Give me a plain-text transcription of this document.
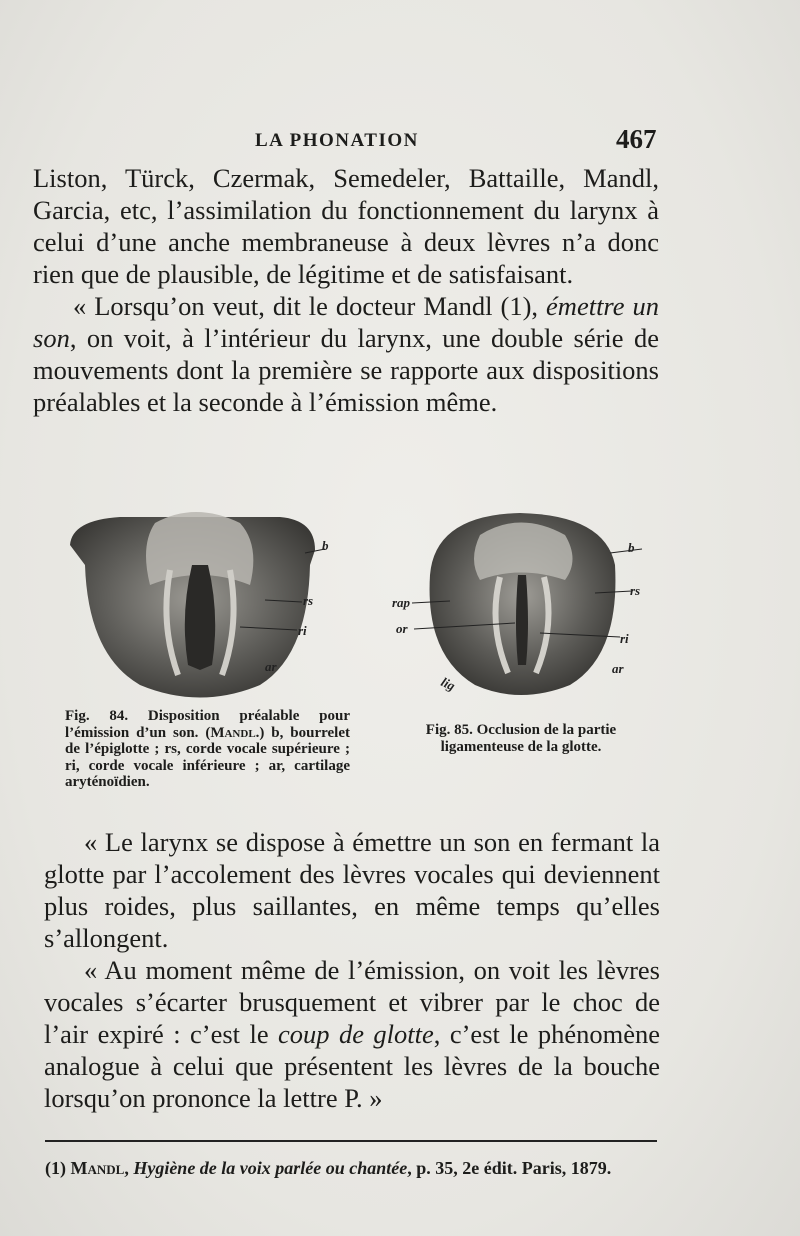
LA PHONATION	467

Liston, Türck, Czermak, Semedeler, Battaille, Mandl, Garcia, etc, l’assimilation du fonctionnement du larynx à celui d’une anche membraneuse à deux lèvres n’a donc rien que de plausible, de légitime et de satisfaisant.

« Lorsqu’on veut, dit le docteur Mandl (1), émettre un son, on voit, à l’intérieur du larynx, une double série de mouvements dont la première se rapporte aux dispositions préalables et la seconde à l’émission même.

b
rs
ri
ar
b
rs
rap
or
ri
ar
lig
Fig. 84. Disposition préalable pour l’émission d’un son. (Mandl.) b, bourrelet de l’épiglotte ; rs, corde vocale supérieure ; ri, corde vocale inférieure ; ar, cartilage aryténoïdien.
Fig. 85. Occlusion de la partie ligamenteuse de la glotte.

« Le larynx se dispose à émettre un son en fermant la glotte par l’accolement des lèvres vocales qui deviennent plus roides, plus saillantes, en même temps qu’elles s’allongent.

« Au moment même de l’émission, on voit les lèvres vocales s’écarter brusquement et vibrer par le choc de l’air expiré : c’est le coup de glotte, c’est le phénomène analogue à celui que présentent les lèvres de la bouche lorsqu’on prononce la lettre P. »

(1) Mandl, Hygiène de la voix parlée ou chantée, p. 35, 2e édit. Paris, 1879.
